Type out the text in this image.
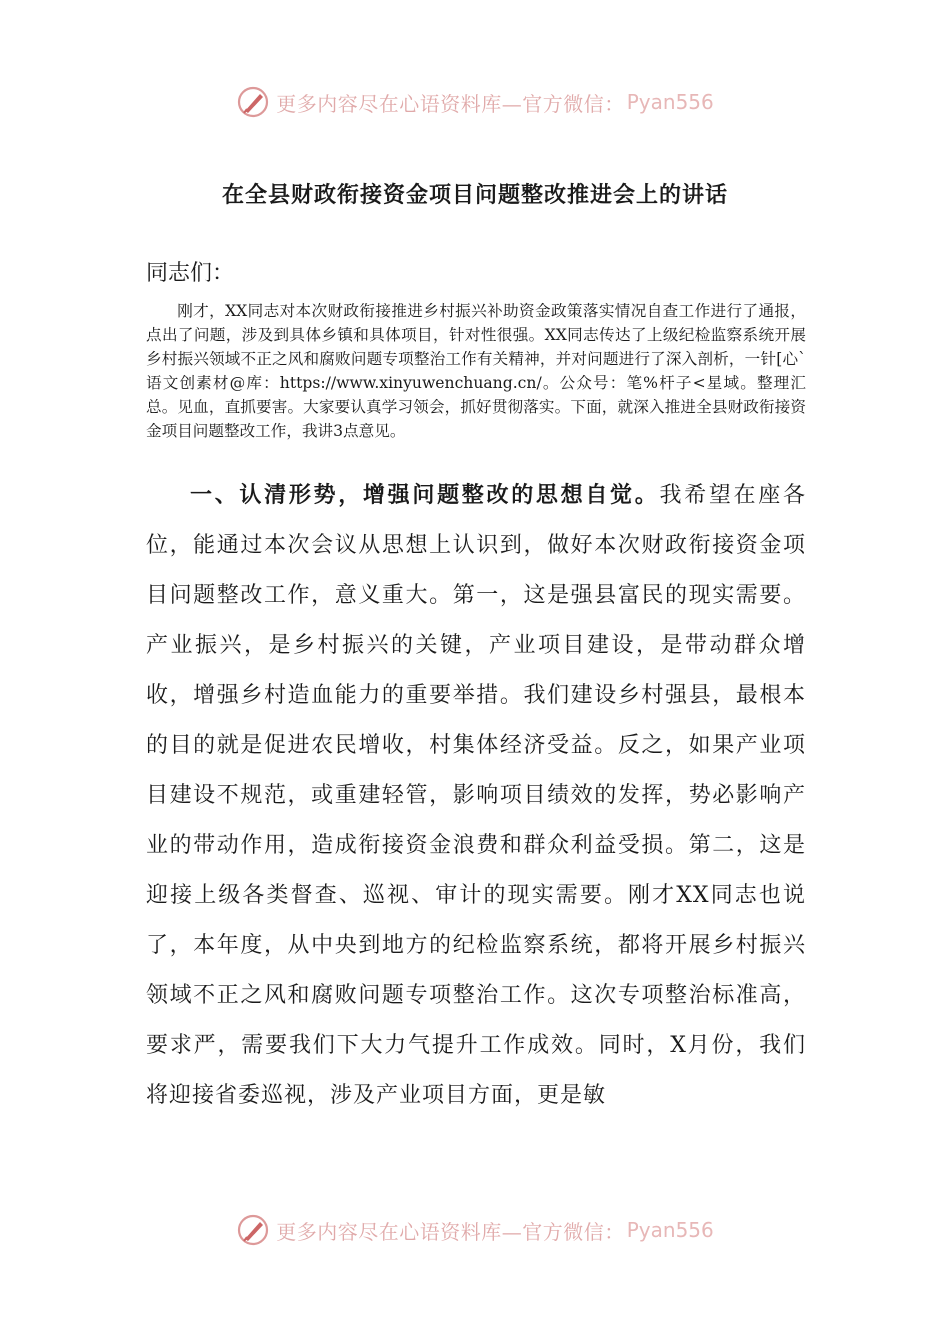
更多内容尽在心语资料库—官方微信： Pyan556
在全县财政衔接资金项目问题整改推进会上的讲话
同志们：
刚才，XX同志对本次财政衔接推进乡村振兴补助资金政策落实情况自查工作进行了通报，点出了问题，涉及到具体乡镇和具体项目，针对性很强。XX同志传达了上级纪检监察系统开展乡村振兴领域不正之风和腐败问题专项整治工作有关精神，并对问题进行了深入剖析，一针[心`语文创素材@库：https://www.xinyuwenchuang.cn/。公众号：笔%杆子<星域。整理汇总。见血，直抓要害。大家要认真学习领会，抓好贯彻落实。下面，就深入推进全县财政衔接资金项目问题整改工作，我讲3点意见。
一、认清形势，增强问题整改的思想自觉。我希望在座各位，能通过本次会议从思想上认识到，做好本次财政衔接资金项目问题整改工作，意义重大。第一，这是强县富民的现实需要。产业振兴，是乡村振兴的关键，产业项目建设，是带动群众增收，增强乡村造血能力的重要举措。我们建设乡村强县，最根本的目的就是促进农民增收，村集体经济受益。反之，如果产业项目建设不规范，或重建轻管，影响项目绩效的发挥，势必影响产业的带动作用，造成衔接资金浪费和群众利益受损。第二，这是迎接上级各类督查、巡视、审计的现实需要。刚才XX同志也说了，本年度，从中央到地方的纪检监察系统，都将开展乡村振兴领域不正之风和腐败问题专项整治工作。这次专项整治标准高，要求严，需要我们下大力气提升工作成效。同时，X月份，我们将迎接省委巡视，涉及产业项目方面，更是敏
更多内容尽在心语资料库—官方微信： Pyan556
